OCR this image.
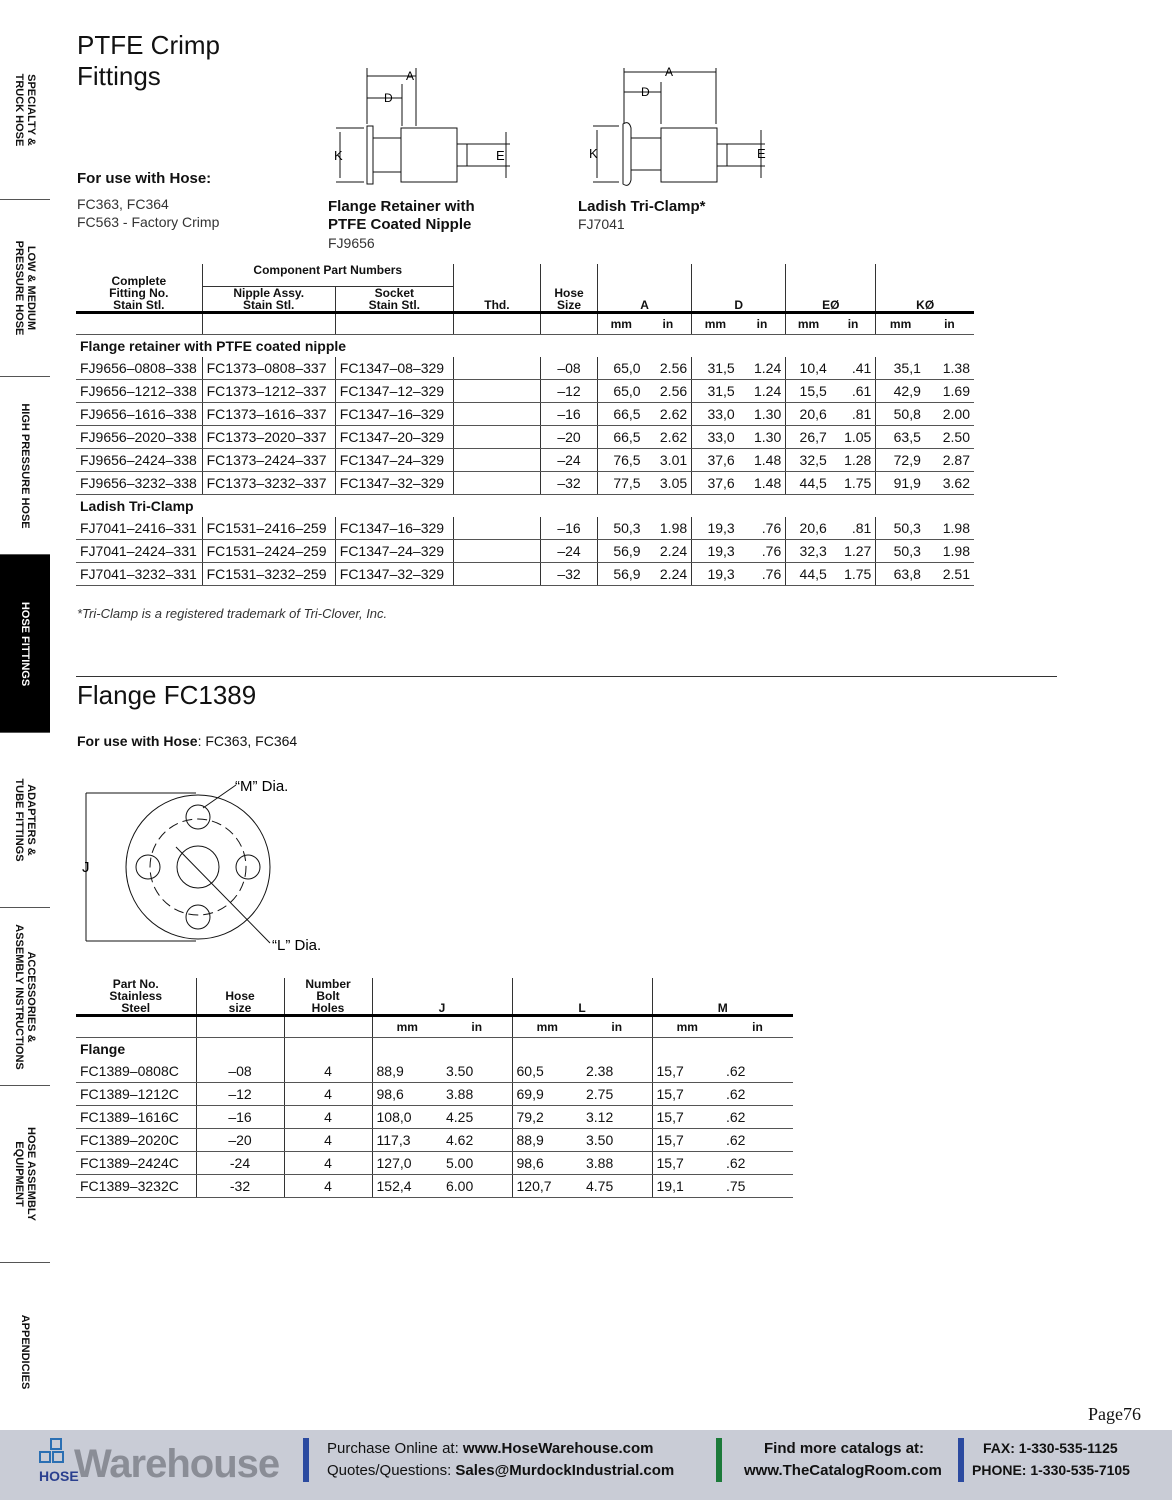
SPECIALTY &
TRUCK HOSE
LOW & MEDIUM
PRESSURE HOSE
HIGH PRESSURE HOSE
HOSE FITTINGS
ADAPTERS &
TUBE FITTINGS
ACCESSORIES &
ASSEMBLY INSTRUCTIONS
HOSE ASSEMBLY
EQUIPMENT
APPENDICIES
PTFE Crimp Fittings
For use with Hose:
FC363, FC364
FC563 - Factory Crimp
A
D
K	E
Flange Retainer with
PTFE Coated Nipple
FJ9656
A
D
K	E
Ladish Tri-Clamp*
FJ7041
Complete
Fitting No.
Stain Stl.	Component Part Numbers		Thd.	Hose
Size	A		D		EØ		KØ	
	Nipple Assy.
Stain Stl.	Socket
Stain Stl.										
					mm	in	mm	in	mm	in	mm	in
Flange retainer with PTFE coated nipple												
FJ9656–0808–338	FC1373–0808–337	FC1347–08–329		–08	65,0	2.56	31,5	1.24	10,4	.41	35,1	1.38
FJ9656–1212–338	FC1373–1212–337	FC1347–12–329		–12	65,0	2.56	31,5	1.24	15,5	.61	42,9	1.69
FJ9656–1616–338	FC1373–1616–337	FC1347–16–329		–16	66,5	2.62	33,0	1.30	20,6	.81	50,8	2.00
FJ9656–2020–338	FC1373–2020–337	FC1347–20–329		–20	66,5	2.62	33,0	1.30	26,7	1.05	63,5	2.50
FJ9656–2424–338	FC1373–2424–337	FC1347–24–329		–24	76,5	3.01	37,6	1.48	32,5	1.28	72,9	2.87
FJ9656–3232–338	FC1373–3232–337	FC1347–32–329		–32	77,5	3.05	37,6	1.48	44,5	1.75	91,9	3.62
Ladish Tri-Clamp												
FJ7041–2416–331	FC1531–2416–259	FC1347–16–329		–16	50,3	1.98	19,3	.76	20,6	.81	50,3	1.98
FJ7041–2424–331	FC1531–2424–259	FC1347–24–329		–24	56,9	2.24	19,3	.76	32,3	1.27	50,3	1.98
FJ7041–3232–331	FC1531–3232–259	FC1347–32–329		–32	56,9	2.24	19,3	.76	44,5	1.75	63,8	2.51
*Tri-Clamp is a registered trademark of Tri-Clover, Inc.
Flange FC1389
For use with Hose: FC363, FC364
“M” Dia.
“L” Dia.
J
Part No.
Stainless
Steel	Hose
size	Number
Bolt
Holes	J		L		M	
			mm	in	mm	in	mm	in
Flange								
FC1389–0808C	–08	4	88,9	3.50	60,5	2.38	15,7	.62
FC1389–1212C	–12	4	98,6	3.88	69,9	2.75	15,7	.62
FC1389–1616C	–16	4	108,0	4.25	79,2	3.12	15,7	.62
FC1389–2020C	–20	4	117,3	4.62	88,9	3.50	15,7	.62
FC1389–2424C	-24	4	127,0	5.00	98,6	3.88	15,7	.62
FC1389–3232C	-32	4	152,4	6.00	120,7	4.75	19,1	.75
Page76
HOSE
Warehouse	Purchase Online at: www.HoseWarehouse.com
Quotes/Questions: Sales@MurdockIndustrial.com
Find more catalogs at:
www.TheCatalogRoom.com
FAX: 1-330-535-1125
PHONE: 1-330-535-7105
